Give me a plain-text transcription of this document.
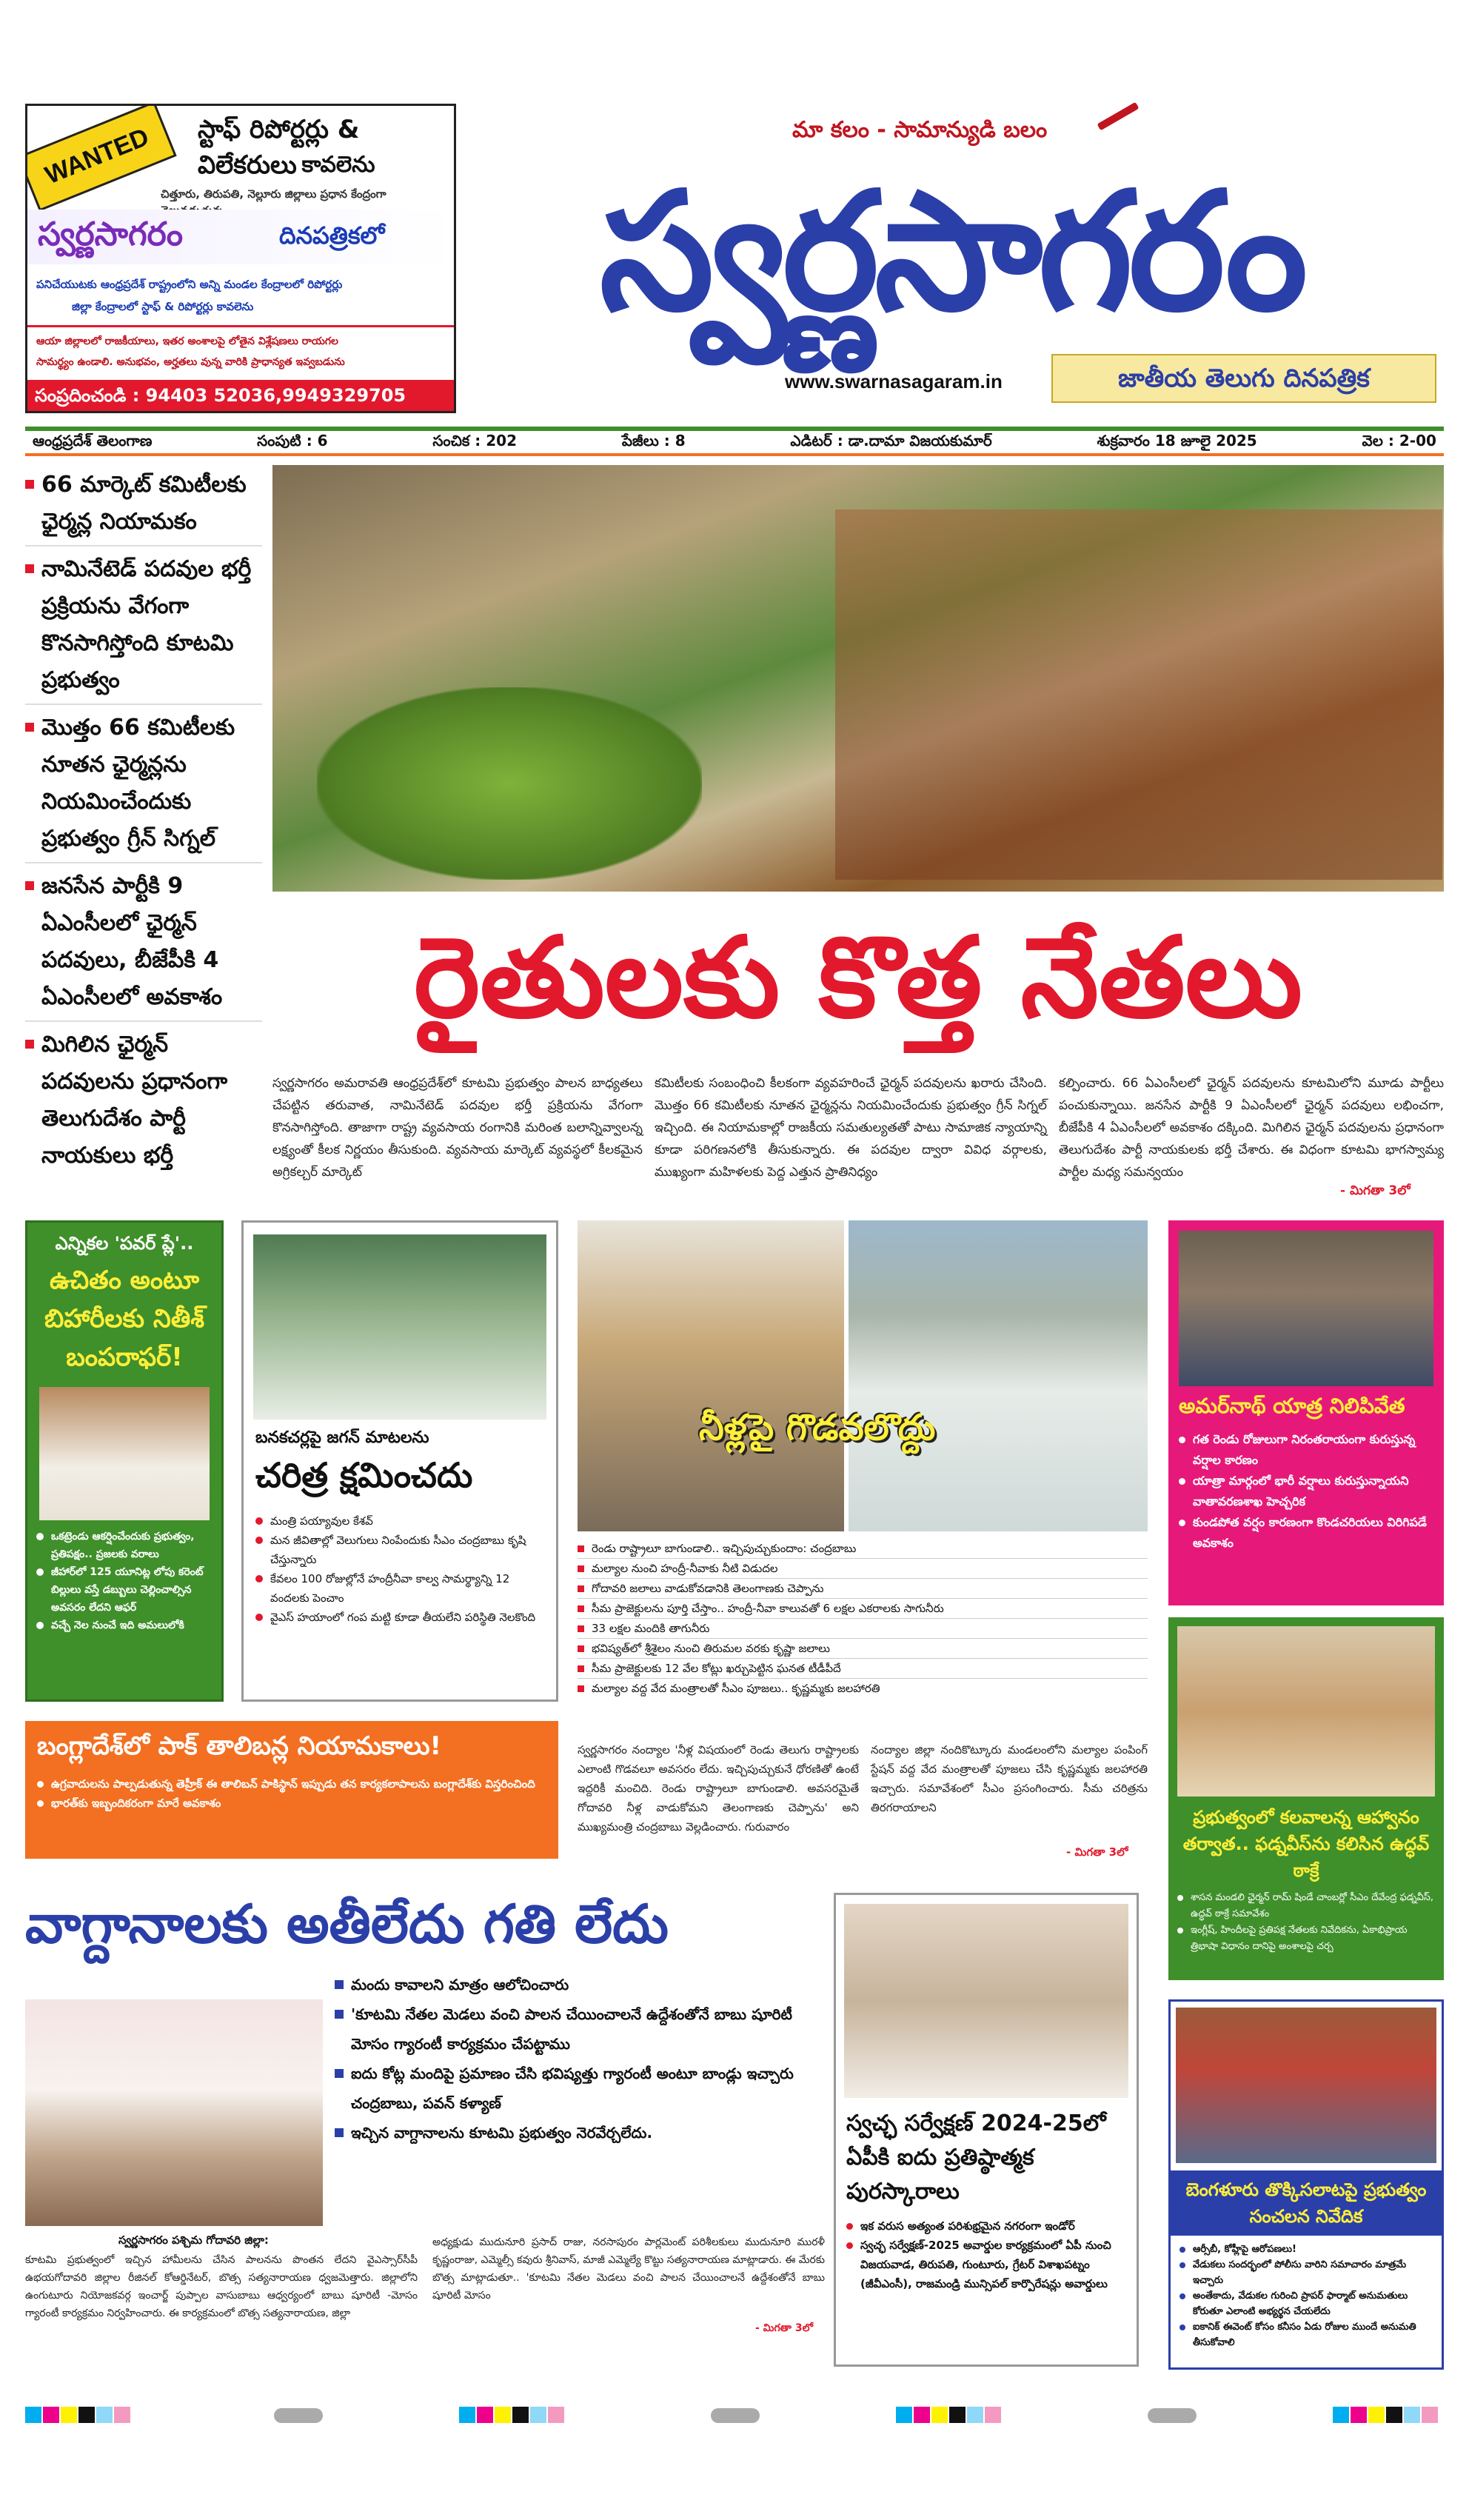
WANTED	స్టాఫ్ రిపోర్టర్లు & విలేకరులు కావలెను
చిత్తూరు, తిరుపతి, నెల్లూరు జిల్లాలు ప్రధాన కేంద్రంగా
స్వర్ణసాగరం	దినపత్రికలో
పనిచేయుటకు ఆంధ్రప్రదేశ్ రాష్ట్రంలోని అన్ని మండల కేంద్రాలలో రిపోర్టర్లు
జిల్లా కేంద్రాలలో స్టాఫ్ & రిపోర్టర్లు కావలెను
ఆయా జిల్లాలలో రాజకీయాలు, ఇతర అంశాలపై లోతైన విశ్లేషణలు రాయగల
సామర్థ్యం ఉండాలి. అనుభవం, అర్హతలు వున్న వారికి ప్రాధాన్యత ఇవ్వబడును
సంప్రదించండి : 94403 52036,9949329705
మా కలం - సామాన్యుడి బలం
స్వర్ణసాగరం
www.swarnasagaram.in	జాతీయ తెలుగు దినపత్రిక
ఆంధ్రప్రదేశ్ తెలంగాణ	సంపుటి : 6	సంచిక : 202	పేజీలు : 8	ఎడిటర్ : డా.దామా విజయకుమార్	శుక్రవారం 18 జూలై 2025	వెల : 2-00
66 మార్కెట్ కమిటీలకు ఛైర్మన్ల నియామకం
నామినేటెడ్ పదవుల భర్తీ ప్రక్రియను వేగంగా కొనసాగిస్తోంది కూటమి ప్రభుత్వం
మొత్తం 66 కమిటీలకు నూతన ఛైర్మన్లను నియమించేందుకు ప్రభుత్వం గ్రీన్ సిగ్నల్
జనసేన పార్టీకి 9 ఏఎంసీలలో ఛైర్మన్ పదవులు, బీజేపీకి 4 ఏఎంసీలలో అవకాశం
మిగిలిన ఛైర్మన్ పదవులను ప్రధానంగా తెలుగుదేశం పార్టీ నాయకులు భర్తీ
రైతులకు కొత్త నేతలు
స్వర్ణసాగరం అమరావతి ఆంధ్రప్రదేశ్‌లో కూటమి ప్రభుత్వం పాలన బాధ్యతలు చేపట్టిన తరువాత, నామినేటెడ్ పదవుల భర్తీ ప్రక్రియను వేగంగా కొనసాగిస్తోంది. తాజాగా రాష్ట్ర వ్యవసాయ రంగానికి మరింత బలాన్నివ్వాలన్న లక్ష్యంతో కీలక నిర్ణయం తీసుకుంది. వ్యవసాయ మార్కెట్ వ్యవస్థలో కీలకమైన అగ్రికల్చర్ మార్కెట్
కమిటీలకు సంబంధించి కీలకంగా వ్యవహరించే ఛైర్మన్ పదవులను ఖరారు చేసింది. మొత్తం 66 కమిటీలకు నూతన ఛైర్మన్లను నియమించేందుకు ప్రభుత్వం గ్రీన్ సిగ్నల్ ఇచ్చింది. ఈ నియామకాల్లో రాజకీయ సమతుల్యతతో పాటు సామాజిక న్యాయాన్ని కూడా పరిగణనలోకి తీసుకున్నారు. ఈ పదవుల ద్వారా వివిధ వర్గాలకు, ముఖ్యంగా మహిళలకు పెద్ద ఎత్తున ప్రాతినిధ్యం
కల్పించారు. 66 ఏఎంసీలలో ఛైర్మన్ పదవులను కూటమిలోని మూడు పార్టీలు పంచుకున్నాయి. జనసేన పార్టీకి 9 ఏఎంసీలలో ఛైర్మన్ పదవులు లభించగా, బీజేపీకి 4 ఏఎంసీలలో అవకాశం దక్కింది. మిగిలిన ఛైర్మన్ పదవులను ప్రధానంగా తెలుగుదేశం పార్టీ నాయకులకు భర్తీ చేశారు. ఈ విధంగా కూటమి భాగస్వామ్య పార్టీల మధ్య సమన్వయం
- మిగతా 3లో
ఎన్నికల 'పవర్ ప్లే'..
ఉచితం అంటూ బిహారీలకు నితీశ్ బంపరాఫర్!
ఒకట్రెండు ఆకర్షించేందుకు ప్రభుత్వం, ప్రతిపక్షం.. ప్రజలకు వరాలు
జీహార్‌లో 125 యూనిట్ల లోపు కరెంట్ బిల్లులు వస్తే డబ్బులు చెల్లించాల్సిన అవసరం లేదని ఆఫర్
వచ్చే నెల నుంచే ఇది అమలులోకి
బనకచర్లపై జగన్ మాటలను
చరిత్ర క్షమించదు
మంత్రి పయ్యావుల కేశవ్
మన జీవితాల్లో వెలుగులు నింపేందుకు సీఎం చంద్రబాబు కృషి చేస్తున్నారు
కేవలం 100 రోజుల్లోనే హంద్రీనీవా కాల్వ సామర్థ్యాన్ని 12 వందలకు పెంచాం
వైఎస్ హయాంలో గంప మట్టి కూడా తీయలేని పరిస్థితి నెలకొంది
నీళ్లపై గొడవలొద్దు
రెండు రాష్ట్రాలూ బాగుండాలి.. ఇచ్చిపుచ్చుకుందాం: చంద్రబాబు
మల్యాల నుంచి హంద్రీ-నీవాకు నీటి విడుదల
గోదావరి జలాలు వాడుకోవడానికి తెలంగాణకు చెప్పాను
సీమ ప్రాజెక్టులను పూర్తి చేస్తాం.. హంద్రీ-నీవా కాలువతో 6 లక్షల ఎకరాలకు సాగునీరు
33 లక్షల మందికి తాగునీరు
భవిష్యత్‌లో శ్రీశైలం నుంచి తిరుమల వరకు కృష్ణా జలాలు
సీమ ప్రాజెక్టులకు 12 వేల కోట్లు ఖర్చుపెట్టిన ఘనత టీడీపీదే
మల్యాల వద్ద వేద మంత్రాలతో సీఎం పూజలు.. కృష్ణమ్మకు జలహారతి
స్వర్ణసాగరం నంద్యాల 'నీళ్ల విషయంలో రెండు తెలుగు రాష్ట్రాలకు ఎలాంటి గొడవలూ అవసరం లేదు. ఇచ్చిపుచ్చుకునే ధోరణితో ఉంటే ఇద్దరికీ మంచిది. రెండు రాష్ట్రాలూ బాగుండాలి. అవసరమైతే గోదావరి నీళ్ల వాడుకోమని తెలంగాణకు చెప్పాను' అని ముఖ్యమంత్రి చంద్రబాబు వెల్లడించారు. గురువారం
నంద్యాల జిల్లా నందికొట్కూరు మండలంలోని మల్యాల పంపింగ్ స్టేషన్ వద్ద వేద మంత్రాలతో పూజలు చేసి కృష్ణమ్మకు జలహారతి ఇచ్చారు. సమావేశంలో సీఎం ప్రసంగించారు. సీమ చరిత్రను తిరగరాయాలని
- మిగతా 3లో
అమర్‌నాథ్ యాత్ర నిలిపివేత
గత రెండు రోజులుగా నిరంతరాయంగా కురుస్తున్న వర్షాల కారణం
యాత్రా మార్గంలో భారీ వర్షాలు కురుస్తున్నాయని వాతావరణశాఖ హెచ్చరిక
కుండపోత వర్షం కారణంగా కొండచరియలు విరిగిపడే అవకాశం
బంగ్లాదేశ్‌లో పాక్ తాలిబన్ల నియామకాలు!
ఉగ్రవాదులను పాల్పడుతున్న తెహ్రీక్ ఈ తాలిబన్ పాకిస్థాన్ ఇప్పుడు తన కార్యకలాపాలను బంగ్లాదేశ్‌కు విస్తరించింది
భారత్‌కు ఇబ్బందికరంగా మారే అవకాశం
ప్రభుత్వంలో కలవాలన్న ఆహ్వానం తర్వాత.. ఫడ్నవీస్‌ను కలిసిన ఉద్ధవ్ ఠాక్రే
శాసన మండలి ఛైర్మన్ రామ్ షిండే చాంబర్లో సీఎం దేవేంద్ర ఫడ్నవీస్, ఉద్ధవ్ ఠాక్రే సమావేశం
ఇంగ్లీష్, హిందీలపై ప్రతిపక్ష నేతలకు నివేదికను, ఏకాభిప్రాయ త్రిభాషా విధానం దానిపై అంశాలపై చర్చ
వాగ్దానాలకు అతీలేదు గతి లేదు
మందు కావాలని మాత్రం ఆలోచించారు
'కూటమి నేతల మెడలు వంచి పాలన చేయించాలనే ఉద్దేశంతోనే బాబు షూరిటీ మోసం గ్యారంటీ కార్యక్రమం చేపట్టాము
ఐదు కోట్ల మందిపై ప్రమాణం చేసి భవిష్యత్తు గ్యారంటీ అంటూ బాండ్లు ఇచ్చారు చంద్రబాబు, పవన్ కళ్యాణ్
ఇచ్చిన వాగ్దానాలను కూటమి ప్రభుత్వం నెరవేర్చలేదు.
స్వర్ణసాగరం పశ్చిమ గోదావరి జిల్లా:
కూటమి ప్రభుత్వంలో ఇచ్చిన హామీలను చేసిన పాలనను పొంతన లేదని వైఎస్సార్‌సీపీ ఉభయగోదావరి జిల్లాల రీజినల్ కోఆర్డినేటర్, బొత్స సత్యనారాయణ ధ్వజమెత్తారు. జిల్లాలోని ఉంగుటూరు నియోజకవర్గ ఇంచార్జ్ పుప్పాల వాసుబాబు ఆధ్వర్యంలో బాబు షూరిటీ -మోసం గ్యారంటీ కార్యక్రమం నిర్వహించారు. ఈ కార్యక్రమంలో బొత్స సత్యనారాయణ, జిల్లా
అధ్యక్షుడు ముదునూరి ప్రసాద్ రాజు, నరసాపురం పార్లమెంట్ పరిశీలకులు ముదునూరి మురళీ కృష్ణంరాజు, ఎమ్మెల్సీ కవురు శ్రీనివాస్, మాజీ ఎమ్మెల్యే కొట్టు సత్యనారాయణ మాట్లాడారు. ఈ మేరకు బొత్స మాట్లాడుతూ.. 'కూటమి నేతల మెడలు వంచి పాలన చేయించాలనే ఉద్దేశంతోనే బాబు షూరిటీ మోసం
- మిగతా 3లో
స్వచ్ఛ సర్వేక్షణ్ 2024-25లో ఏపీకి ఐదు ప్రతిష్ఠాత్మక పురస్కారాలు
ఇక వరుస అత్యంత పరిశుభ్రమైన నగరంగా ఇండోర్
స్వచ్ఛ సర్వేక్షణ్-2025 అవార్డుల కార్యక్రమంలో ఏపీ నుంచి విజయవాడ, తిరుపతి, గుంటూరు, గ్రేటర్ విశాఖపట్నం (జీవీఎంసీ), రాజమండ్రి మున్సిపల్ కార్పొరేషన్లు అవార్డులు
బెంగళూరు తొక్కిసలాటపై ప్రభుత్వం సంచలన నివేదిక
ఆర్సీబీ, కోహ్లీపై ఆరోపణలు!
వేడుకలు సందర్భంలో పోలీసు వారిని సమాచారం మాత్రమే ఇచ్చారు
అంతేకాదు, వేడుకల గురించి ప్రాపర్ ఫార్మాట్ అనుమతులు కోరుతూ ఎలాంటి అభ్యర్థన చేయలేదు
ఐకానిక్ ఈవెంట్ కోసం కనీసం ఏడు రోజుల ముందే అనుమతి తీసుకోవాలి
